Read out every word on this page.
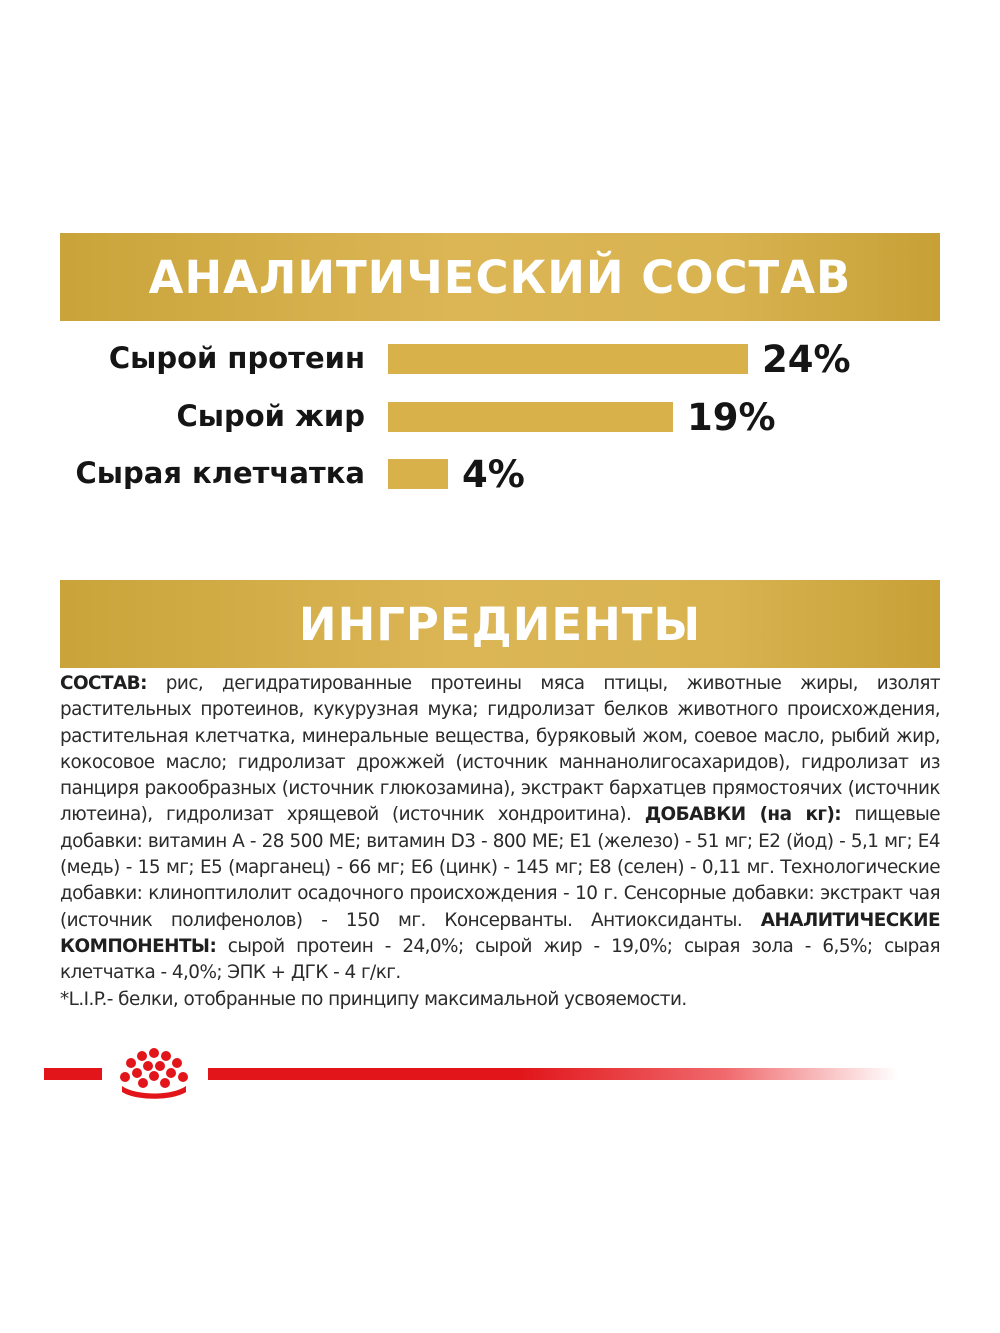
АНАЛИТИЧЕСКИЙ СОСТАВ
Сырой протеин	24%
Сырой жир	19%
Сырая клетчатка	4%
ИНГРЕДИЕНТЫ
СОСТАВ: рис, дегидратированные протеины мяса птицы, животные жиры, изолят растительных протеинов, кукурузная мука; гидролизат белков животного происхождения, растительная клетчатка, минеральные вещества, буряковый жом, соевое масло, рыбий жир, кокосовое масло; гидролизат дрожжей (источник маннанолигосахаридов), гидролизат из панциря ракообразных (источник глюкозамина), экстракт бархатцев прямостоячих (источник лютеина), гидролизат хрящевой (источник хондроитина). ДОБАВКИ (на кг): пищевые добавки: витамин А - 28 500 МЕ; витамин D3 - 800 МЕ; Е1 (железо) - 51 мг; Е2 (йод) - 5,1 мг; Е4 (медь) - 15 мг; Е5 (марганец) - 66 мг; Е6 (цинк) - 145 мг; Е8 (селен) - 0,11 мг. Технологические добавки: клиноптилолит осадочного происхождения - 10 г. Сенсорные добавки: экстракт чая (источник полифенолов) - 150 мг. Консерванты. Антиоксиданты. АНАЛИТИЧЕСКИЕ КОМПОНЕНТЫ: сырой протеин - 24,0%; сырой жир - 19,0%; сырая зола - 6,5%; сырая клетчатка - 4,0%; ЭПК + ДГК - 4 г/кг.
*L.I.P.- белки, отобранные по принципу максимальной усвояемости.
